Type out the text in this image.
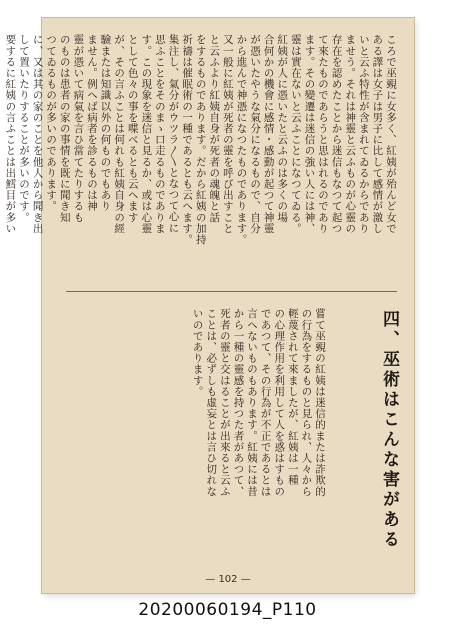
ころで巫覡に女多く、紅姨が殆んど女で

ある譯は女子は男子に比して感情が激し

いと云ふ特性が含まれてゐるからであり

ませう。それは神靈と云ふものが心靈の

存在を認めたことから迷信もなつて起つ

て來たものであらうと思はれるのであり

ます。その變遷は迷信の強い人には神、

靈は實在ないと云ふことになつてゐる。

紅姨が人に憑いたと云ふのは多くの場

合何かの機會に感情・感動が起つて神靈

が憑いたやうな氣分になるもので、自分

から進んで神憑になつたものであります。

又一般に紅姨が死者の靈を呼び出すこと

と云ふより紅姨自身が死者の魂魄と話

をするものであります。だから紅姨の加持

祈禱は催眠術の一種であるとも云へます。

集注し、氣分がウツラ〳〵となつて心に

思ふことをそのまゝ口走るものでありま

す。この現象を迷信と見るか、或は心靈

として色々の事を喋べるとも云へます

が、その言ふことは何れも紅姨自身の經

驗または知識以外の何ものでもあり

ません。例へば病者を診るものは神

靈が憑いて病氣を言ひ當てたりするも

のものは患者の家の事情を既に聞き知

つてゐるものが多いのであります。

に、又は其の家のことを他人から聞き出

して置いたりすることが多いのです。

要するに紅姨の言ふことは出鱈目が多い

嘗て巫覡の紅姨は迷信的または詐欺的

の行為をするものと見られ、人々から

輕蔑されて來ましたが、紅姨は一種

の心理作用を利用して人を惑はすもの

であつて、その行為が不正であるとは

言へないものもあります。紅姨には昔

から一種の靈感を持つた者があつて、

死者の靈と交はることが出來ると云ふ

ことは、必ずしも虛妄とは言ひ切れな

いのであります。	四、巫術はこんな害がある
— 102 —
20200060194_P110
